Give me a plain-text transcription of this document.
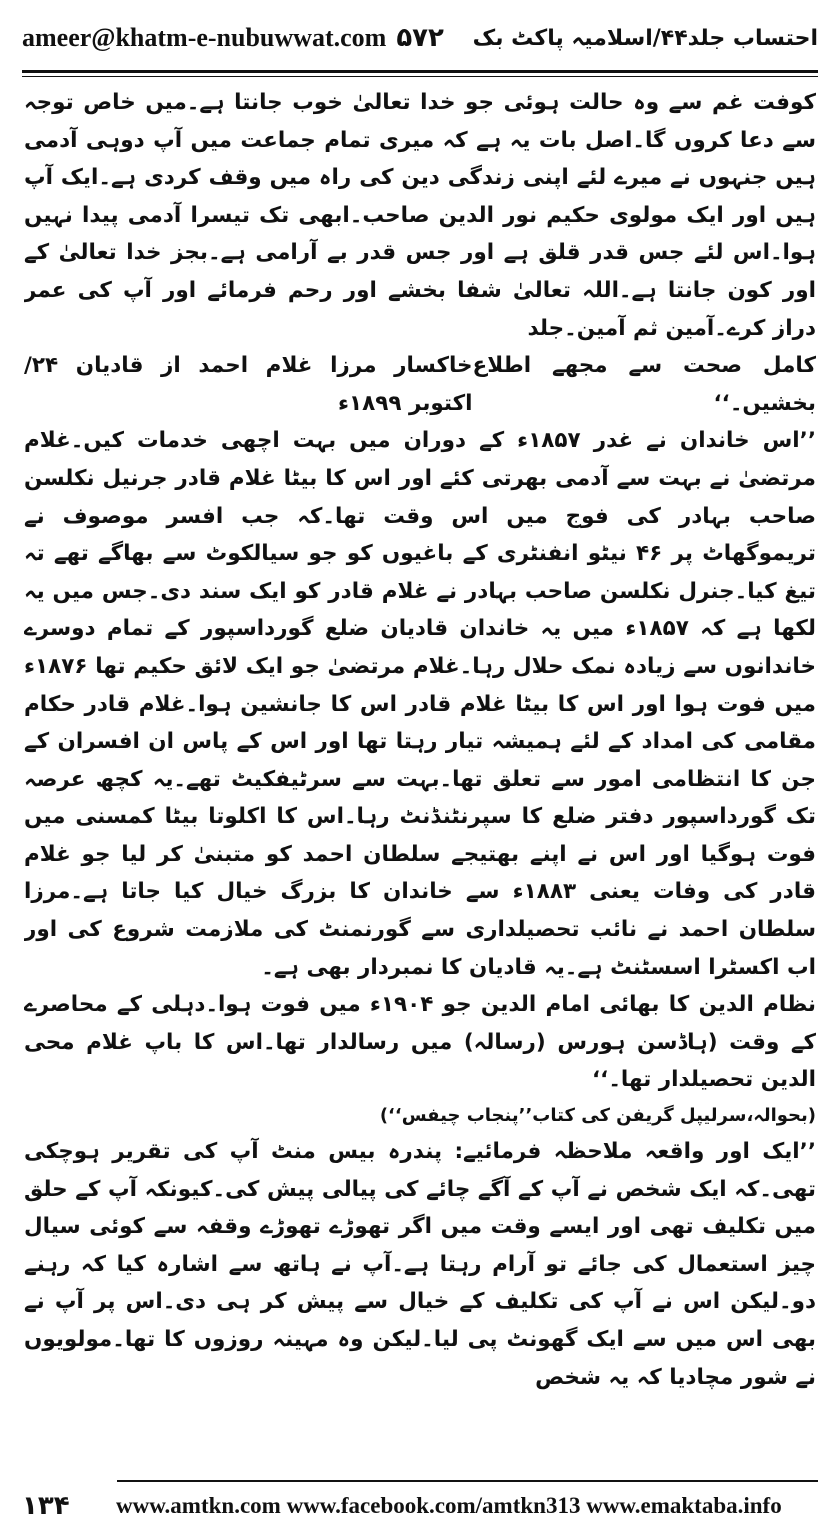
ameer@khatm-e-nubuwwat.com ۵۷۲ احتساب جلد۴۴/اسلامیہ پاکٹ بک

کوفت غم سے وہ حالت ہوئی جو خدا تعالیٰ خوب جانتا ہے۔میں خاص توجہ سے دعا کروں گا۔اصل بات یہ ہے کہ میری تمام جماعت میں آپ دوہی آدمی ہیں جنہوں نے میرے لئے اپنی زندگی دین کی راہ میں وقف کردی ہے۔ایک آپ ہیں اور ایک مولوی حکیم نور الدین صاحب۔ابھی تک تیسرا آدمی پیدا نہیں ہوا۔اس لئے جس قدر قلق ہے اور جس قدر بے آرامی ہے۔بجز خدا تعالیٰ کے اور کون جانتا ہے۔اللہ تعالیٰ شفا بخشے اور رحم فرمائے اور آپ کی عمر دراز کرے۔آمین ثم آمین۔جلد

کامل صحت سے مجھے اطلاع بخشیں۔‘‘
خاکسار مرزا غلام احمد از قادیان ۲۴/اکتوبر ۱۸۹۹ء

’’اس خاندان نے غدر ۱۸۵۷ء کے دوران میں بہت اچھی خدمات کیں۔غلام مرتضیٰ نے بہت سے آدمی بھرتی کئے اور اس کا بیٹا غلام قادر جرنیل نکلسن صاحب بہادر کی فوج میں اس وقت تھا۔کہ جب افسر موصوف نے تریموگھاٹ پر ۴۶ نیٹو انفنٹری کے باغیوں کو جو سیالکوٹ سے بھاگے تھے تہ تیغ کیا۔جنرل نکلسن صاحب بہادر نے غلام قادر کو ایک سند دی۔جس میں یہ لکھا ہے کہ ۱۸۵۷ء میں یہ خاندان قادیان ضلع گورداسپور کے تمام دوسرے خاندانوں سے زیادہ نمک حلال رہا۔غلام مرتضیٰ جو ایک لائق حکیم تھا ۱۸۷۶ء میں فوت ہوا اور اس کا بیٹا غلام قادر اس کا جانشین ہوا۔غلام قادر حکام مقامی کی امداد کے لئے ہمیشہ تیار رہتا تھا اور اس کے پاس ان افسران کے جن کا انتظامی امور سے تعلق تھا۔بہت سے سرٹیفکیٹ تھے۔یہ کچھ عرصہ تک گورداسپور دفتر ضلع کا سپرنٹنڈنٹ رہا۔اس کا اکلوتا بیٹا کمسنی میں فوت ہوگیا اور اس نے اپنے بھتیجے سلطان احمد کو متبنیٰ کر لیا جو غلام قادر کی وفات یعنی ۱۸۸۳ء سے خاندان کا بزرگ خیال کیا جاتا ہے۔مرزا سلطان احمد نے نائب تحصیلداری سے گورنمنٹ کی ملازمت شروع کی اور اب اکسٹرا اسسٹنٹ ہے۔یہ قادیان کا نمبردار بھی ہے۔

نظام الدین کا بھائی امام الدین جو ۱۹۰۴ء میں فوت ہوا۔دہلی کے محاصرے کے وقت (ہاڈسن ہورس (رسالہ) میں رسالدار تھا۔اس کا باپ غلام محی الدین تحصیلدار تھا۔‘‘

(بحوالہ،سرلیپل گریفن کی کتاب’’پنجاب چیفس‘‘)

’’ایک اور واقعہ ملاحظہ فرمائیے: پندرہ بیس منٹ آپ کی تقریر ہوچکی تھی۔کہ ایک شخص نے آپ کے آگے چائے کی پیالی پیش کی۔کیونکہ آپ کے حلق میں تکلیف تھی اور ایسے وقت میں اگر تھوڑے تھوڑے وقفہ سے کوئی سیال چیز استعمال کی جائے تو آرام رہتا ہے۔آپ نے ہاتھ سے اشارہ کیا کہ رہنے دو۔لیکن اس نے آپ کی تکلیف کے خیال سے پیش کر ہی دی۔اس پر آپ نے بھی اس میں سے ایک گھونٹ پی لیا۔لیکن وہ مہینہ روزوں کا تھا۔مولویوں نے شور مچادیا کہ یہ شخص

۱۳۴	www.amtkn.com www.facebook.com/amtkn313 www.emaktaba.info
